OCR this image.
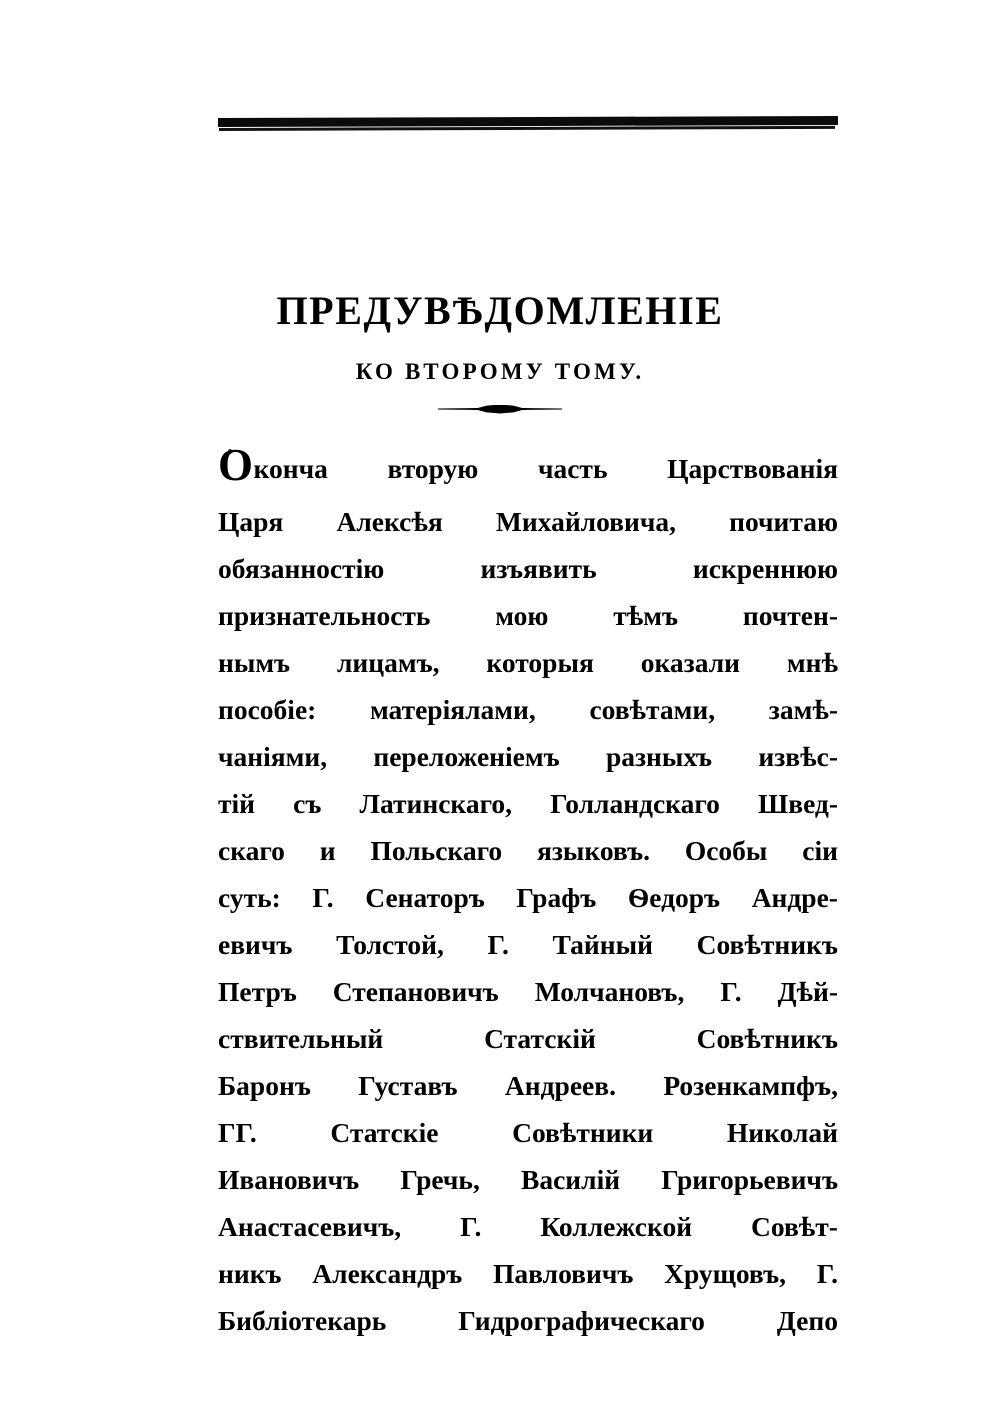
ПРЕДУВѢДОМЛЕНІЕ
КО ВТОРОМУ ТОМУ.
О кончa вторую часть Царствованія
Царя Алексѣя Михайловичa, почитаю
обязанностію	изъявить	искреннюю
признательность мою тѣмъ почтен-
нымъ лицамъ, которыя оказали мнѣ
пособіе: матеріялами, совѣтами, замѣ-
чаніями, переложеніемъ разныхъ извѣс-
тій съ Латинскаго, Голландскаго Швед-
скаго и Польскаго языковъ. Особы сіи
суть: Г. Сенаторъ Графъ Ѳедоръ Андре-
евичъ Толстой, Г. Тайный Совѣтникъ
Петръ Степановичъ Молчановъ, Г. Дѣй-
ствительный	Статскій	Совѣтникъ
Баронъ Густавъ Андреев. Розенкампфъ,
ГГ.	Статскіе	Совѣтники	Николай
Ивановичъ Гречь, Василій Григорьевичъ
Анастасевичъ, Г. Коллежской Совѣт-
никъ Александръ Павловичъ Хрущовъ, Г.
Библіотекарь	Гидрографическаго	Депо
